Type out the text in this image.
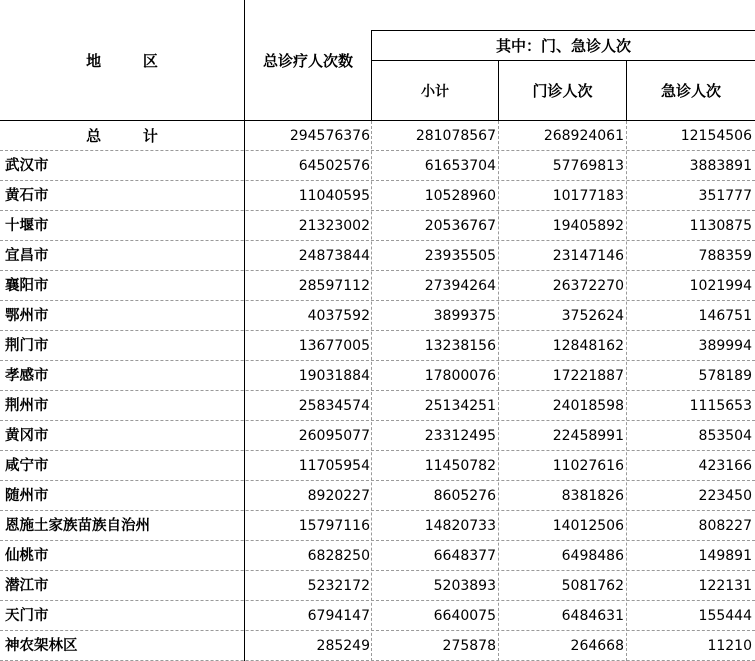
地        区	总诊疗人次数
其中：门、急诊人次
小计	门诊人次	急诊人次
总        计	294576376	281078567	268924061	12154506
武汉市	64502576	61653704	57769813	3883891
黄石市	11040595	10528960	10177183	351777
十堰市	21323002	20536767	19405892	1130875
宜昌市	24873844	23935505	23147146	788359
襄阳市	28597112	27394264	26372270	1021994
鄂州市	4037592	3899375	3752624	146751
荆门市	13677005	13238156	12848162	389994
孝感市	19031884	17800076	17221887	578189
荆州市	25834574	25134251	24018598	1115653
黄冈市	26095077	23312495	22458991	853504
咸宁市	11705954	11450782	11027616	423166
随州市	8920227	8605276	8381826	223450
恩施土家族苗族自治州	15797116	14820733	14012506	808227
仙桃市	6828250	6648377	6498486	149891
潜江市	5232172	5203893	5081762	122131
天门市	6794147	6640075	6484631	155444
神农架林区	285249	275878	264668	11210
